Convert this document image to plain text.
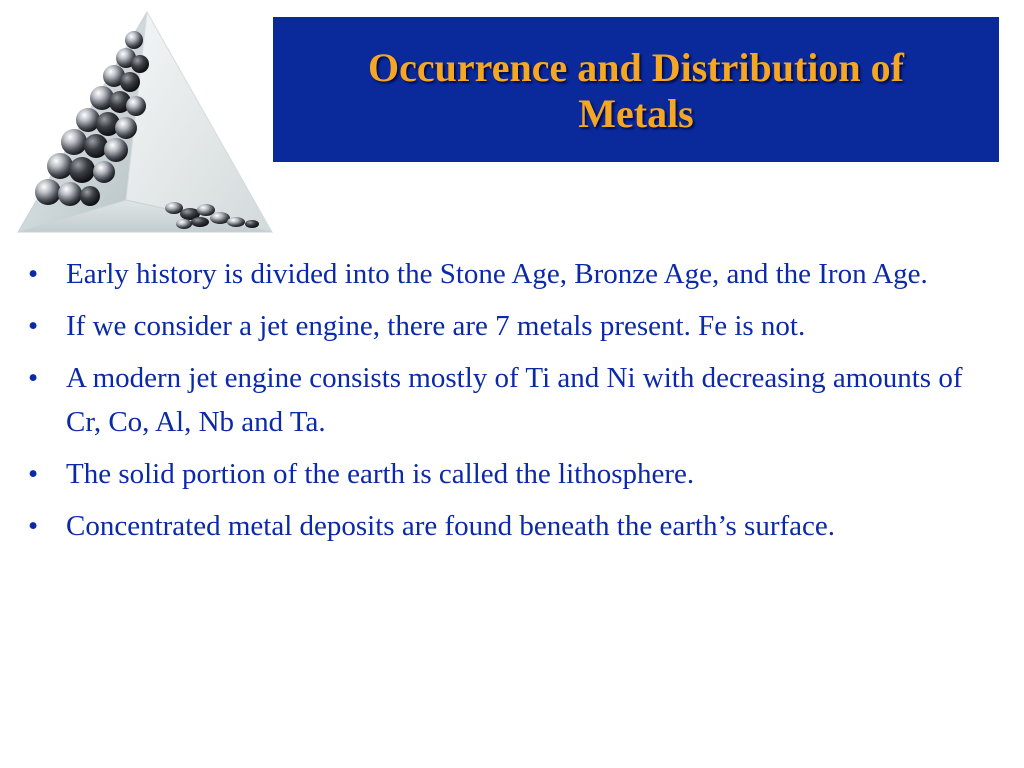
Occurrence and Distribution of
Metals
• Early history is divided into the Stone Age, Bronze Age, and the Iron Age.
• If we consider a jet engine, there are 7 metals present. Fe is not.
• A modern jet engine consists mostly of Ti and Ni with decreasing amounts of Cr, Co, Al, Nb and Ta.
• The solid portion of the earth is called the lithosphere.
• Concentrated metal deposits are found beneath the earth’s surface.
